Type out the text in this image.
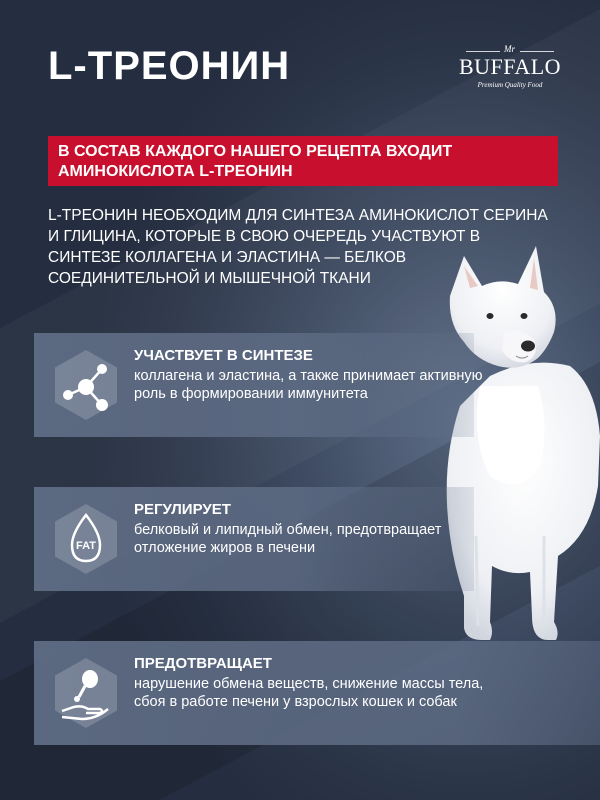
L-ТРЕОНИН	Mr
BUFFALO
Premium Quality Food
В СОСТАВ КАЖДОГО НАШЕГО РЕЦЕПТА ВХОДИТ
АМИНОКИСЛОТА L-ТРЕОНИН

L-ТРЕОНИН НЕОБХОДИМ ДЛЯ СИНТЕЗА АМИНОКИСЛОТ СЕРИНА И ГЛИЦИНА, КОТОРЫЕ В СВОЮ ОЧЕРЕДЬ УЧАСТВУЮТ В СИНТЕЗЕ КОЛЛАГЕНА И ЭЛАСТИНА — БЕЛКОВ СОЕДИНИТЕЛЬНОЙ И МЫШЕЧНОЙ ТКАНИ

УЧАСТВУЕТ В СИНТЕЗЕ
коллагена и эластина, а также принимает активную роль в формировании иммунитета
FAT
РЕГУЛИРУЕТ
белковый и липидный обмен, предотвращает отложение жиров в печени
ПРЕДОТВРАЩАЕТ
нарушение обмена веществ, снижение массы тела, сбоя в работе печени у взрослых кошек и собак
